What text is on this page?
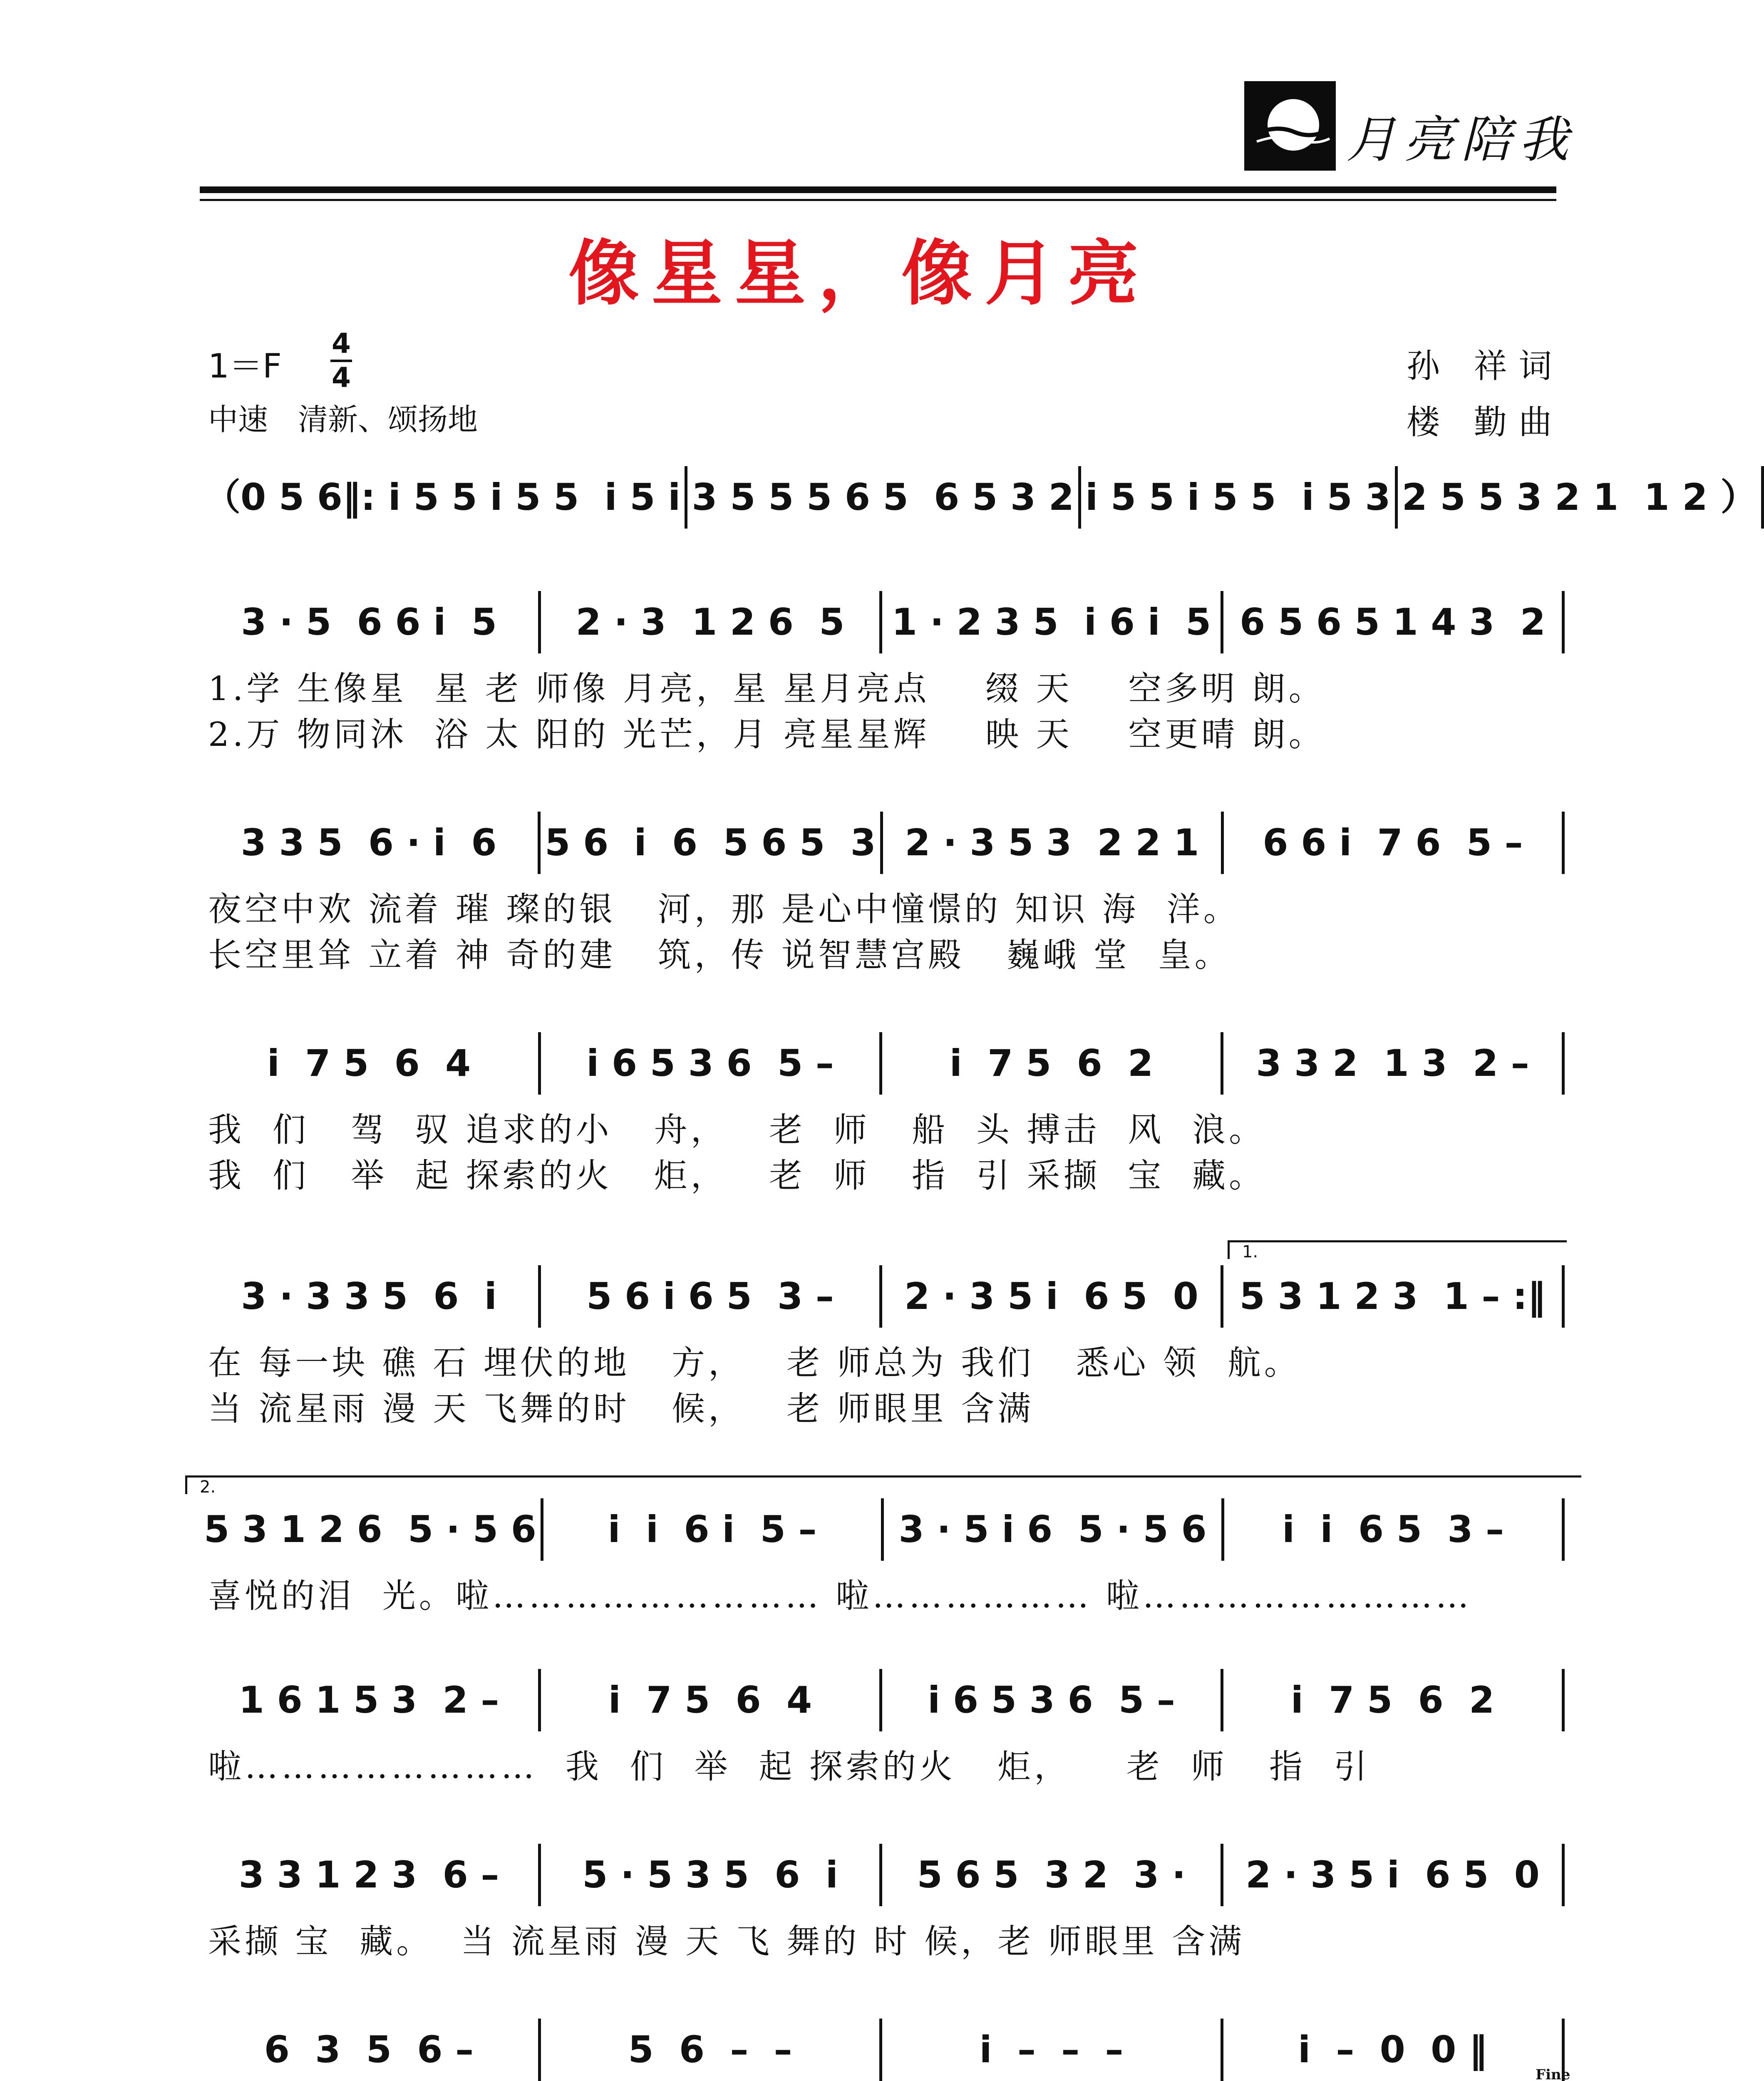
月亮陪我
像星星，像月亮
1＝F
4
4
中速　清新、颂扬地
孙 祥词
楼 勤曲
（0 5 6‖: i 5 5 i 5 5  i 5 i 3 5 5 5 6 5  6 5 3 2 i 5 5 i 5 5  i 5 3 2 5 5 3 2 1  1 2 ）
3 · 5  6 6 i  5	2 · 3  1 2 6  5	1 · 2 3 5  i 6 i  5 6 5 6 5 1 4 3  2
1.学 生像星  星 老 师像 月亮，星 星月亮点    缀 天    空多明 朗。
2.万 物同沐  浴 太 阳的 光芒，月 亮星星辉    映 天    空更晴 朗。
3 3 5  6 · i  6	5 6  i  6  5 6 5  3 2 · 3 5 3  2 2 1	6 6 i  7 6  5 –
夜空中欢 流着 璀 璨的银   河，那 是心中憧憬的 知识 海  洋。
长空里耸 立着 神 奇的建   筑，传 说智慧宫殿   巍峨 堂  皇。
i  7 5  6  4	i 6 5 3 6  5 –	i  7 5  6  2	3 3 2  1 3  2 –
我  们   驾  驭 追求的小   舟，   老  师   船  头 搏击  风  浪。
我  们   举  起 探索的火   炬，   老  师   指  引 采撷  宝  藏。
1.
3 · 3 3 5  6  i	5 6 i 6 5  3 –	2 · 3 5 i  6 5  0	5 3 1 2 3  1 – :‖
在 每一块 礁 石 埋伏的地   方，   老 师总为 我们   悉心 领  航。
当 流星雨 漫 天 飞舞的时   候，   老 师眼里 含满
2.
5 3 1 2 6  5 · 5 6	i  i  6 i  5 –	3 · 5 i 6  5 · 5 6	i  i  6 5  3 –
喜悦的泪  光。啦……………………… 啦……………… 啦………………………
1 6 1 5 3  2 –	i  7 5  6  4	i 6 5 3 6  5 –	i  7 5  6  2
啦……………………  我  们  举  起 探索的火   炬，    老  师   指  引
3 3 1 2 3  6 –	5 · 5 3 5  6  i	5 6 5  3 2  3 ·	2 · 3 5 i  6 5  0
采撷 宝  藏。  当 流星雨 漫 天 飞 舞的 时 候，老 师眼里 含满
6  3  5  6 –	5  6  –  –	i  –  –  –	i  –  0  0 ‖
Fine
